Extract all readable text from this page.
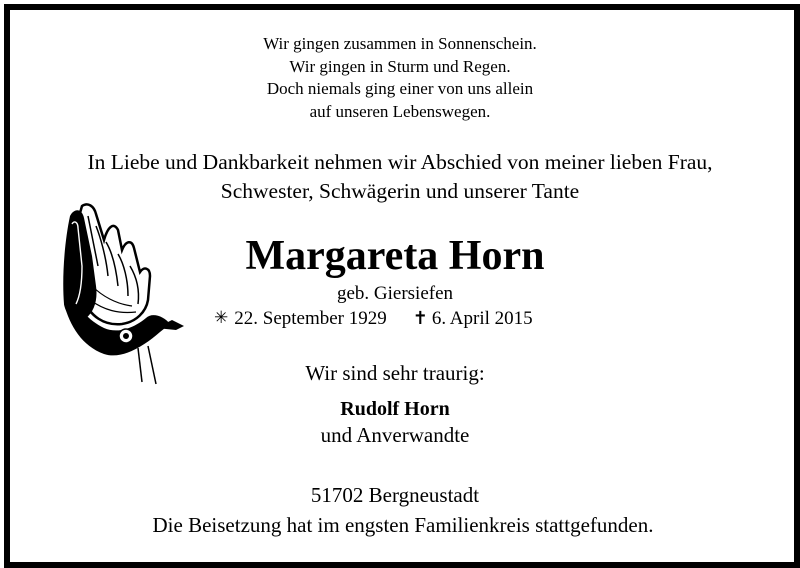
Wir gingen zusammen in Sonnenschein.
Wir gingen in Sturm und Regen.
Doch niemals ging einer von uns allein
auf unseren Lebenswegen.
In Liebe und Dankbarkeit nehmen wir Abschied von meiner lieben Frau,
Schwester, Schwägerin und unserer Tante
Margareta Horn
geb. Giersiefen
✳ 22. September 1929 ✝ 6. April 2015
Wir sind sehr traurig:
Rudolf Horn
und Anverwandte
51702 Bergneustadt
Die Beisetzung hat im engsten Familienkreis stattgefunden.
